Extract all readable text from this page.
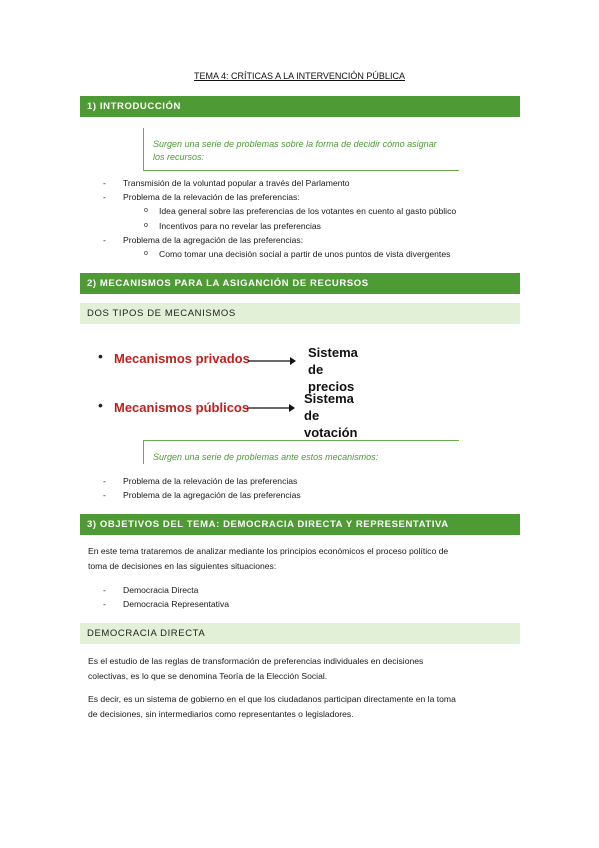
TEMA 4: CRÍTICAS A LA INTERVENCIÓN PÚBLICA
1) INTRODUCCIÓN
Surgen una serie de problemas sobre la forma de decidir cómo asignar
los recursos:
- Transmisión de la voluntad popular a través del Parlamento
- Problema de la relevación de las preferencias:
o Idea general sobre las preferencias de los votantes en cuento al gasto público
o Incentivos para no revelar las preferencias
- Problema de la agregación de las preferencias:
o Como tomar una decisión social a partir de unos puntos de vista divergentes
2) MECANISMOS PARA LA ASIGANCIÓN DE RECURSOS
DOS TIPOS DE MECANISMOS
• Mecanismos privados	Sistema de
precios
• Mecanismos públicos
Sistema de
votación
Surgen una serie de problemas ante estos mecanismos:
- Problema de la relevación de las preferencias
- Problema de la agregación de las preferencias
3) OBJETIVOS DEL TEMA: DEMOCRACIA DIRECTA Y REPRESENTATIVA
En este tema trataremos de analizar mediante los principios económicos el proceso político de
toma de decisiones en las siguientes situaciones:
- Democracia Directa
- Democracia Representativa
DEMOCRACIA DIRECTA
Es el estudio de las reglas de transformación de preferencias individuales en decisiones
colectivas, es lo que se denomina Teoría de la Elección Social.
Es decir, es un sistema de gobierno en el que los ciudadanos participan directamente en la toma
de decisiones, sin intermediarios como representantes o legisladores.
